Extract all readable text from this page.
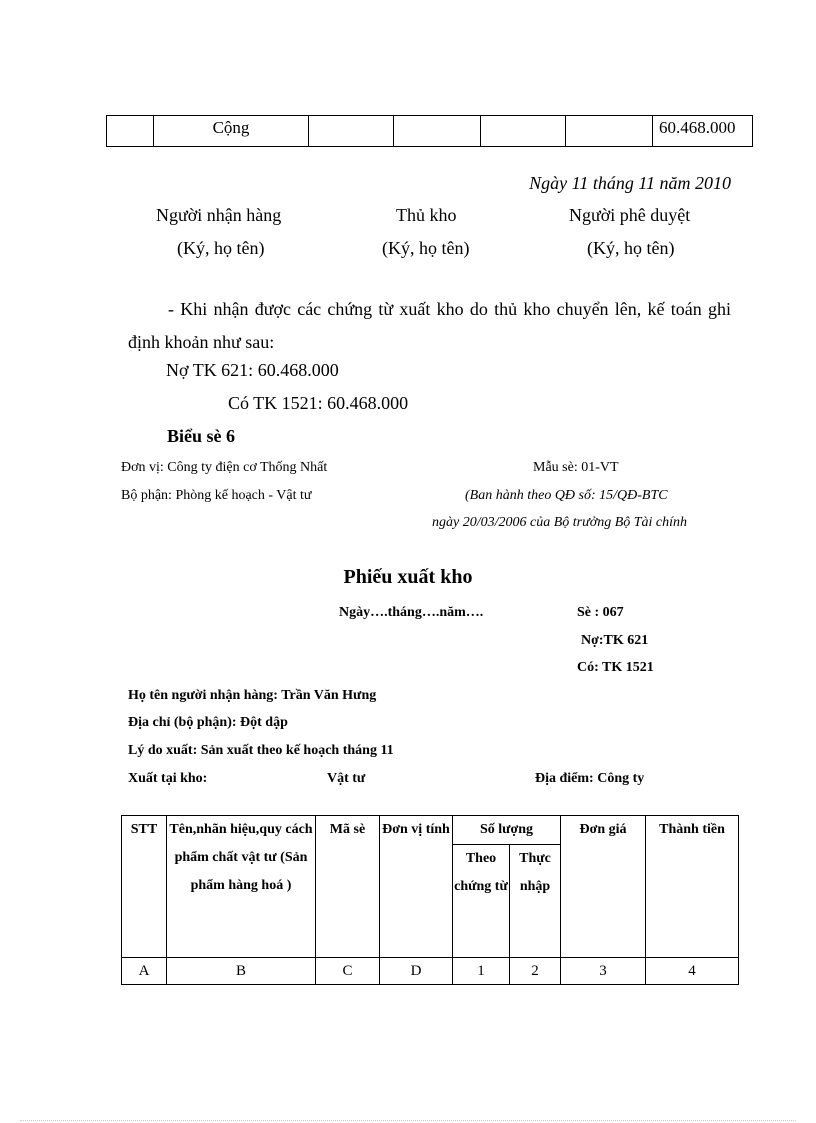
	Cộng					60.468.000
Ngày 11 tháng 11 năm 2010
Người nhận hàng	Thủ kho	Người phê duyệt
(Ký, họ tên)	(Ký, họ tên)	(Ký, họ tên)
- Khi nhận được các chứng từ xuất kho do thủ kho chuyển lên, kế toán ghi định khoản như sau:
Nợ TK 621: 60.468.000
Có TK 1521: 60.468.000
Biểu sè 6
Đơn vị: Công ty điện cơ Thống Nhất	Mẫu sè: 01-VT
Bộ phận: Phòng kế hoạch - Vật tư	(Ban hành theo QĐ số: 15/QĐ-BTC
ngày 20/03/2006 của Bộ trưởng Bộ Tài chính
Phiếu xuất kho
Ngày….tháng….năm….	Sè : 067
Nợ:TK 621
Có: TK 1521
Họ tên người nhận hàng: Trần Văn Hưng
Địa chỉ (bộ phận): Đột dập
Lý do xuất: Sản xuất theo kế hoạch tháng 11
Xuất tại kho:	Vật tư	Địa điểm: Công ty
STT	Tên,nhãn hiệu,quy cách phẩm chất vật tư (Sản phẩm hàng hoá )	Mã sè	Đơn vị tính	Số lượng		Đơn giá	Thành tiền
				Theo chứng từ	Thực nhập		
A	B	C	D	1	2	3	4
